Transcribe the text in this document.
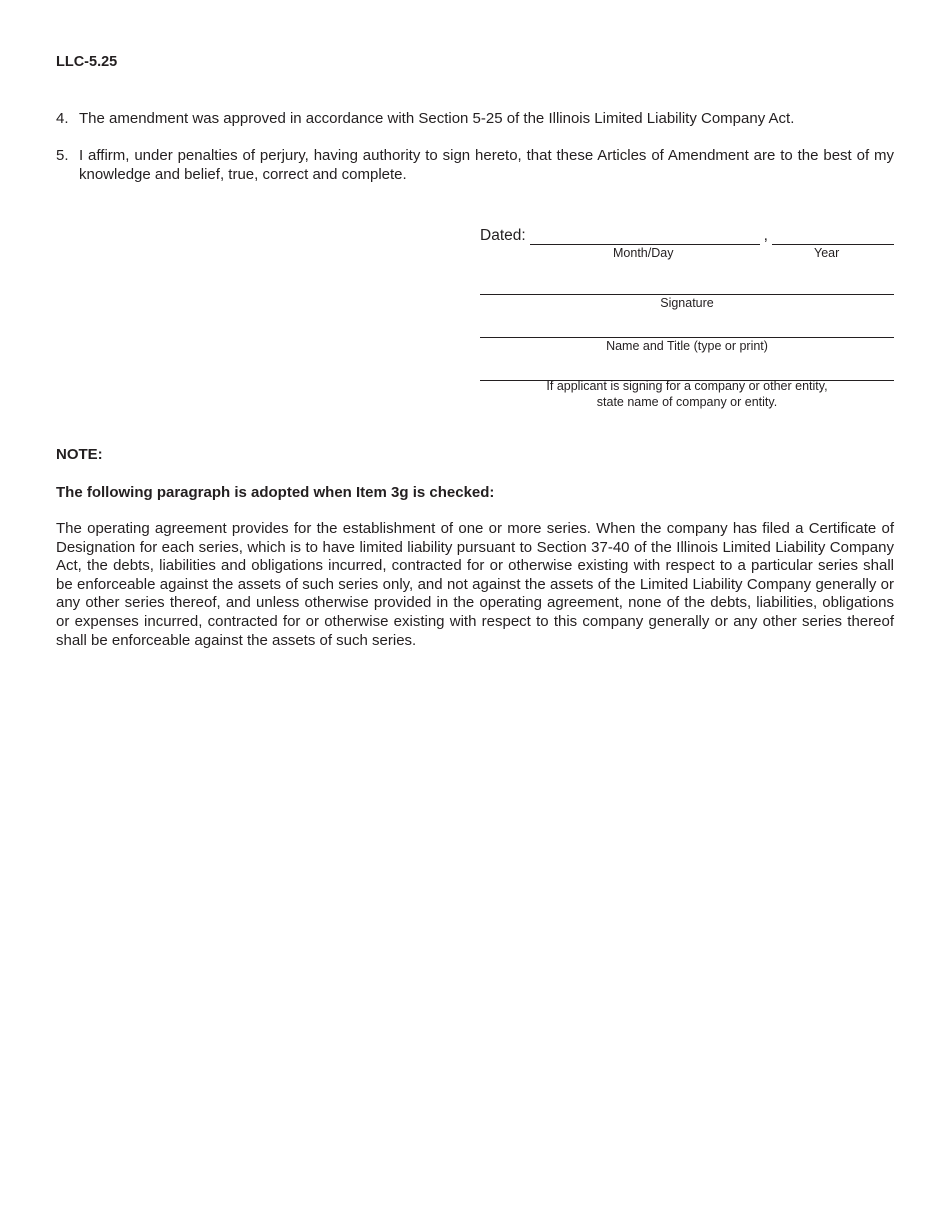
LLC-5.25
4. The amendment was approved in accordance with Section 5-25 of the Illinois Limited Liability Company Act.
5. I affirm, under penalties of perjury, having authority to sign hereto, that these Articles of Amendment are to the best of my knowledge and belief, true, correct and complete.
Dated:	,
Month/Day	Year
Signature
Name and Title (type or print)
If applicant is signing for a company or other entity,
state name of company or entity.
NOTE:
The following paragraph is adopted when Item 3g is checked:
The operating agreement provides for the establishment of one or more series. When the company has filed a Certificate of Designation for each series, which is to have limited liability pursuant to Section 37-40 of the Illinois Limited Liability Company Act, the debts, liabilities and obligations incurred, contracted for or otherwise existing with respect to a particular series shall be enforceable against the assets of such series only, and not against the assets of the Limited Liability Company generally or any other series thereof, and unless otherwise provided in the operating agreement, none of the debts, liabilities, obligations or expenses incurred, contracted for or otherwise existing with respect to this company generally or any other series thereof shall be enforceable against the assets of such series.
